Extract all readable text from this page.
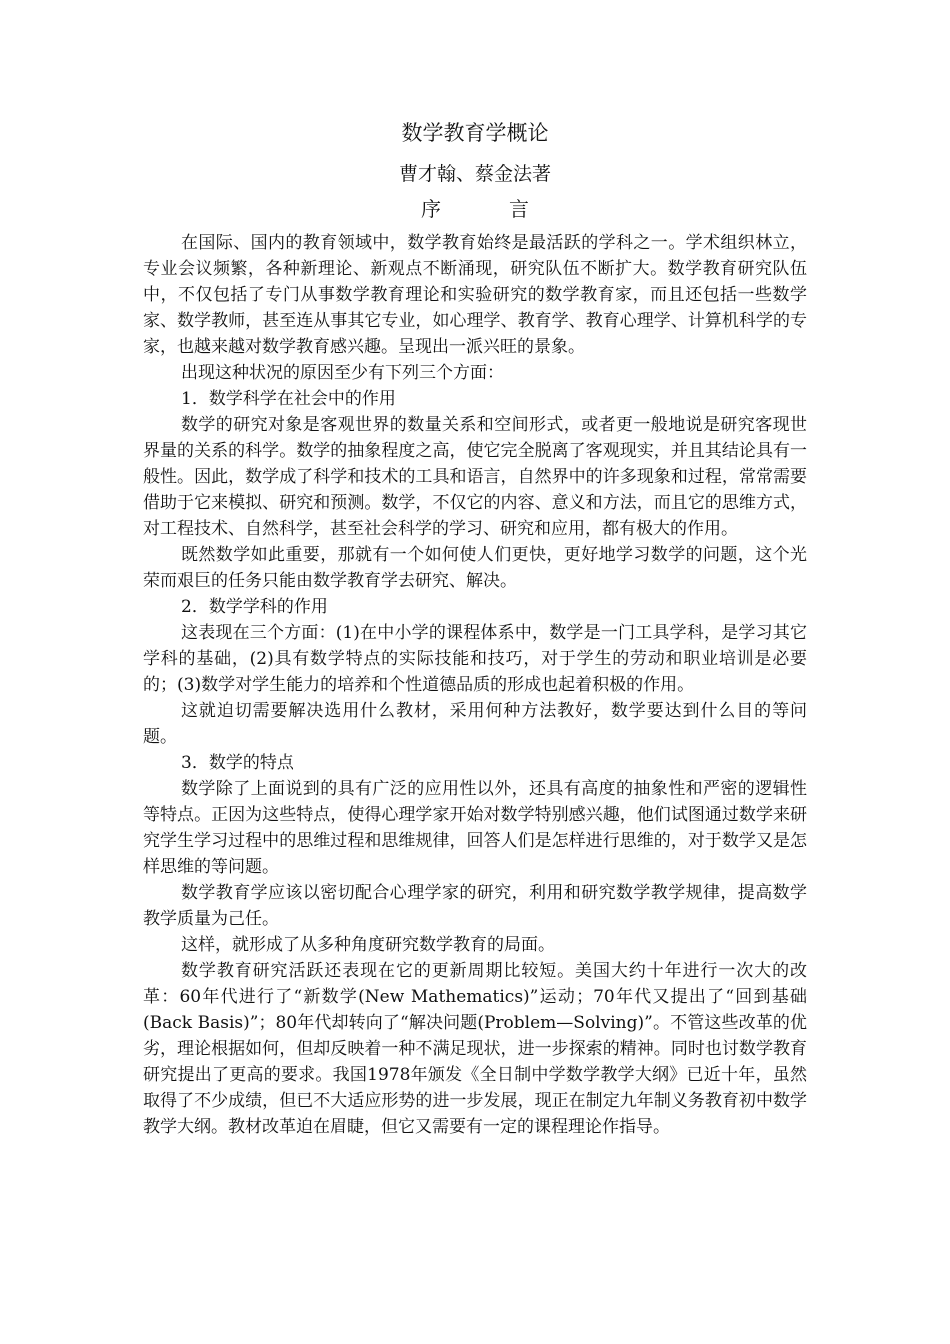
数学教育学概论
曹才翰、蔡金法著
序　言

在国际、国内的教育领域中，数学教育始终是最活跃的学科之一。学术组织林立，专业会议频繁，各种新理论、新观点不断涌现，研究队伍不断扩大。数学教育研究队伍中，不仅包括了专门从事数学教育理论和实验研究的数学教育家，而且还包括一些数学家、数学教师，甚至连从事其它专业，如心理学、教育学、教育心理学、计算机科学的专家，也越来越对数学教育感兴趣。呈现出一派兴旺的景象。

出现这种状况的原因至少有下列三个方面：

1．数学科学在社会中的作用

数学的研究对象是客观世界的数量关系和空间形式，或者更一般地说是研究客现世界量的关系的科学。数学的抽象程度之高，使它完全脱离了客观现实，并且其结论具有一般性。因此，数学成了科学和技术的工具和语言，自然界中的许多现象和过程，常常需要借助于它来模拟、研究和预测。数学，不仅它的内容、意义和方法，而且它的思维方式，对工程技术、自然科学，甚至社会科学的学习、研究和应用，都有极大的作用。

既然数学如此重要，那就有一个如何使人们更快，更好地学习数学的问题，这个光荣而艰巨的任务只能由数学教育学去研究、解决。

2．数学学科的作用

这表现在三个方面：(1)在中小学的课程体系中，数学是一门工具学科，是学习其它学科的基础，(2)具有数学特点的实际技能和技巧，对于学生的劳动和职业培训是必要的；(3)数学对学生能力的培养和个性道德品质的形成也起着积极的作用。

这就迫切需要解决选用什么教材，采用何种方法教好，数学要达到什么目的等问题。

3．数学的特点

数学除了上面说到的具有广泛的应用性以外，还具有高度的抽象性和严密的逻辑性等特点。正因为这些特点，使得心理学家开始对数学特别感兴趣，他们试图通过数学来研究学生学习过程中的思维过程和思维规律，回答人们是怎样进行思维的，对于数学又是怎样思维的等问题。

数学教育学应该以密切配合心理学家的研究，利用和研究数学教学规律，提高数学教学质量为己任。

这样，就形成了从多种角度研究数学教育的局面。

数学教育研究活跃还表现在它的更新周期比较短。美国大约十年进行一次大的改革：60年代进行了“新数学(New Mathematics)”运动；70年代又提出了“回到基础(Back Basis)”；80年代却转向了“解决问题(Problem—Solving)”。不管这些改革的优劣，理论根据如何，但却反映着一种不满足现状，进一步探索的精神。同时也讨数学教育研究提出了更高的要求。我国1978年颁发《全日制中学数学教学大纲》已近十年，虽然取得了不少成绩，但已不大适应形势的进一步发展，现正在制定九年制义务教育初中数学教学大纲。教材改革迫在眉睫，但它又需要有一定的课程理论作指导。
